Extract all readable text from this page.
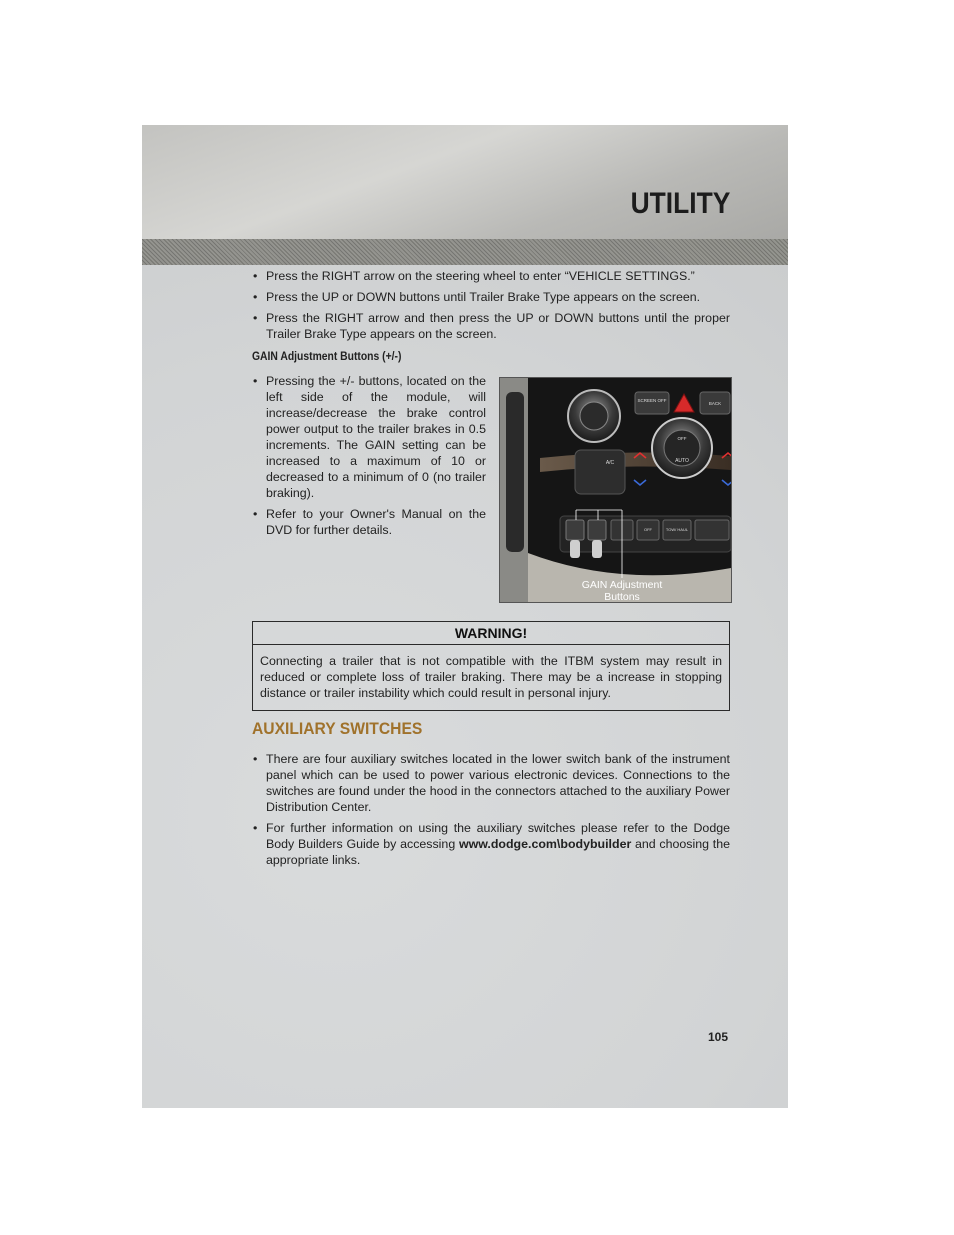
UTILITY

• Press the RIGHT arrow on the steering wheel to enter “VEHICLE SETTINGS.”

• Press the UP or DOWN buttons until Trailer Brake Type appears on the screen.

• Press the RIGHT arrow and then press the UP or DOWN buttons until the proper Trailer Brake Type appears on the screen.

GAIN Adjustment Buttons (+/-)

• Pressing the +/- buttons, located on the left side of the module, will increase/decrease the brake control power output to the trailer brakes in 0.5 increments. The GAIN setting can be increased to a maximum of 10 or decreased to a minimum of 0 (no trailer braking).

• Refer to your Owner's Manual on the DVD for further details.

SCREEN OFF
BACK
OFF
AUTO
A/C
OFF	TOW/ HAUL
GAIN Adjustment
Buttons
WARNING!
Connecting a trailer that is not compatible with the ITBM system may result in reduced or complete loss of trailer braking. There may be a increase in stopping distance or trailer instability which could result in personal injury.
AUXILIARY SWITCHES

• There are four auxiliary switches located in the lower switch bank of the instrument panel which can be used to power various electronic devices. Connections to the switches are found under the hood in the connectors attached to the auxiliary Power Distribution Center.

• For further information on using the auxiliary switches please refer to the Dodge Body Builders Guide by accessing www.dodge.com\bodybuilder and choosing the appropriate links.

105
